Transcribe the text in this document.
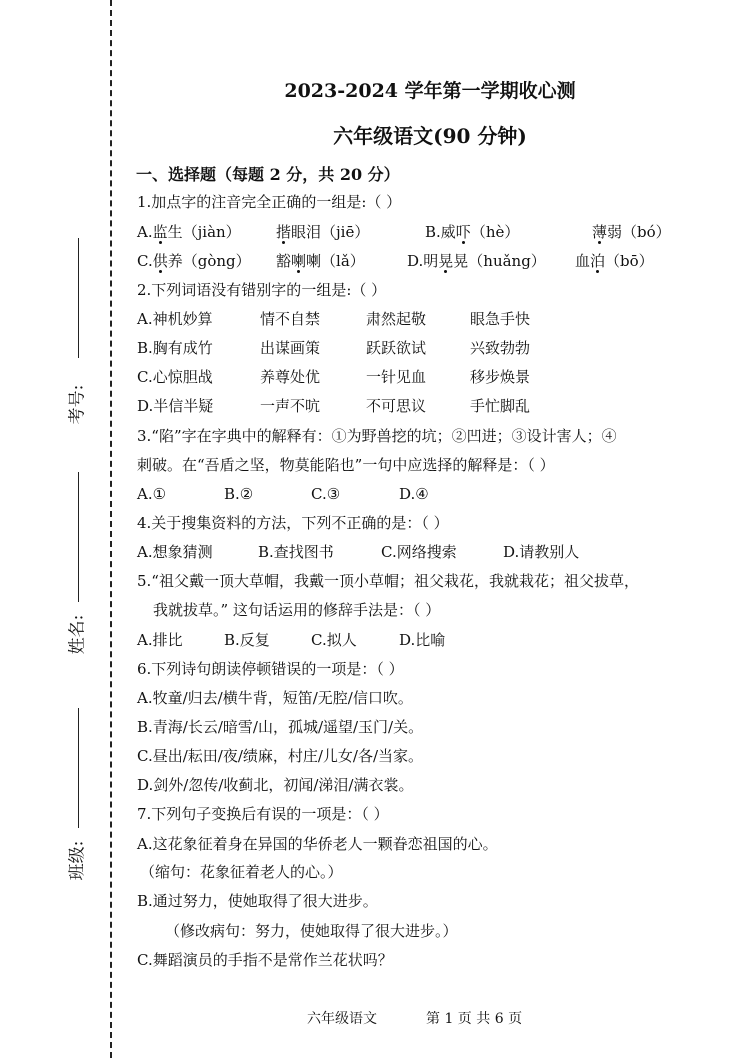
考号:
姓名:
班级:
2023-2024 学年第一学期收心测
六年级语文(90 分钟)
一、选择题（每题 2 分，共 20 分）
1.加点字的注音完全正确的一组是:（ ）
A.监生（jiàn） 揩眼泪（jiē）	B.威吓（hè）	薄弱（bó）
C.供养（gòng） 豁喇喇（lǎ）	D.明晃晃（huǎng） 血泊（bō）
2.下列词语没有错别字的一组是:（ ）
A.神机妙算	情不自禁	肃然起敬	眼急手快
B.胸有成竹	出谋画策	跃跃欲试	兴致勃勃
C.心惊胆战	养尊处优	一针见血	移步焕景
D.半信半疑	一声不吭	不可思议	手忙脚乱
3.“陷”字在字典中的解释有：①为野兽挖的坑；②凹进；③设计害人；④
刺破。在“吾盾之坚，物莫能陷也”一句中应选择的解释是：（ ）
A.①	B.②	C.③	D.④
4.关于搜集资料的方法，下列不正确的是：（ ）
A.想象猜测	B.查找图书	C.网络搜索	D.请教别人
5.“祖父戴一顶大草帽，我戴一顶小草帽；祖父栽花，我就栽花；祖父拔草，
我就拔草。” 这句话运用的修辞手法是：（ ）
A.排比	B.反复	C.拟人	D.比喻
6.下列诗句朗读停顿错误的一项是：（ ）
A.牧童/归去/横牛背，短笛/无腔/信口吹。
B.青海/长云/暗雪/山，孤城/遥望/玉门/关。
C.昼出/耘田/夜/绩麻，村庄/儿女/各/当家。
D.剑外/忽传/收蓟北，初闻/涕泪/满衣裳。
7.下列句子变换后有误的一项是：（ ）
A.这花象征着身在异国的华侨老人一颗眷恋祖国的心。
（缩句：花象征着老人的心。）
B.通过努力，使她取得了很大进步。
（修改病句：努力，使她取得了很大进步。）
C.舞蹈演员的手指不是常作兰花状吗？
六年级语文	第 1 页 共 6 页
